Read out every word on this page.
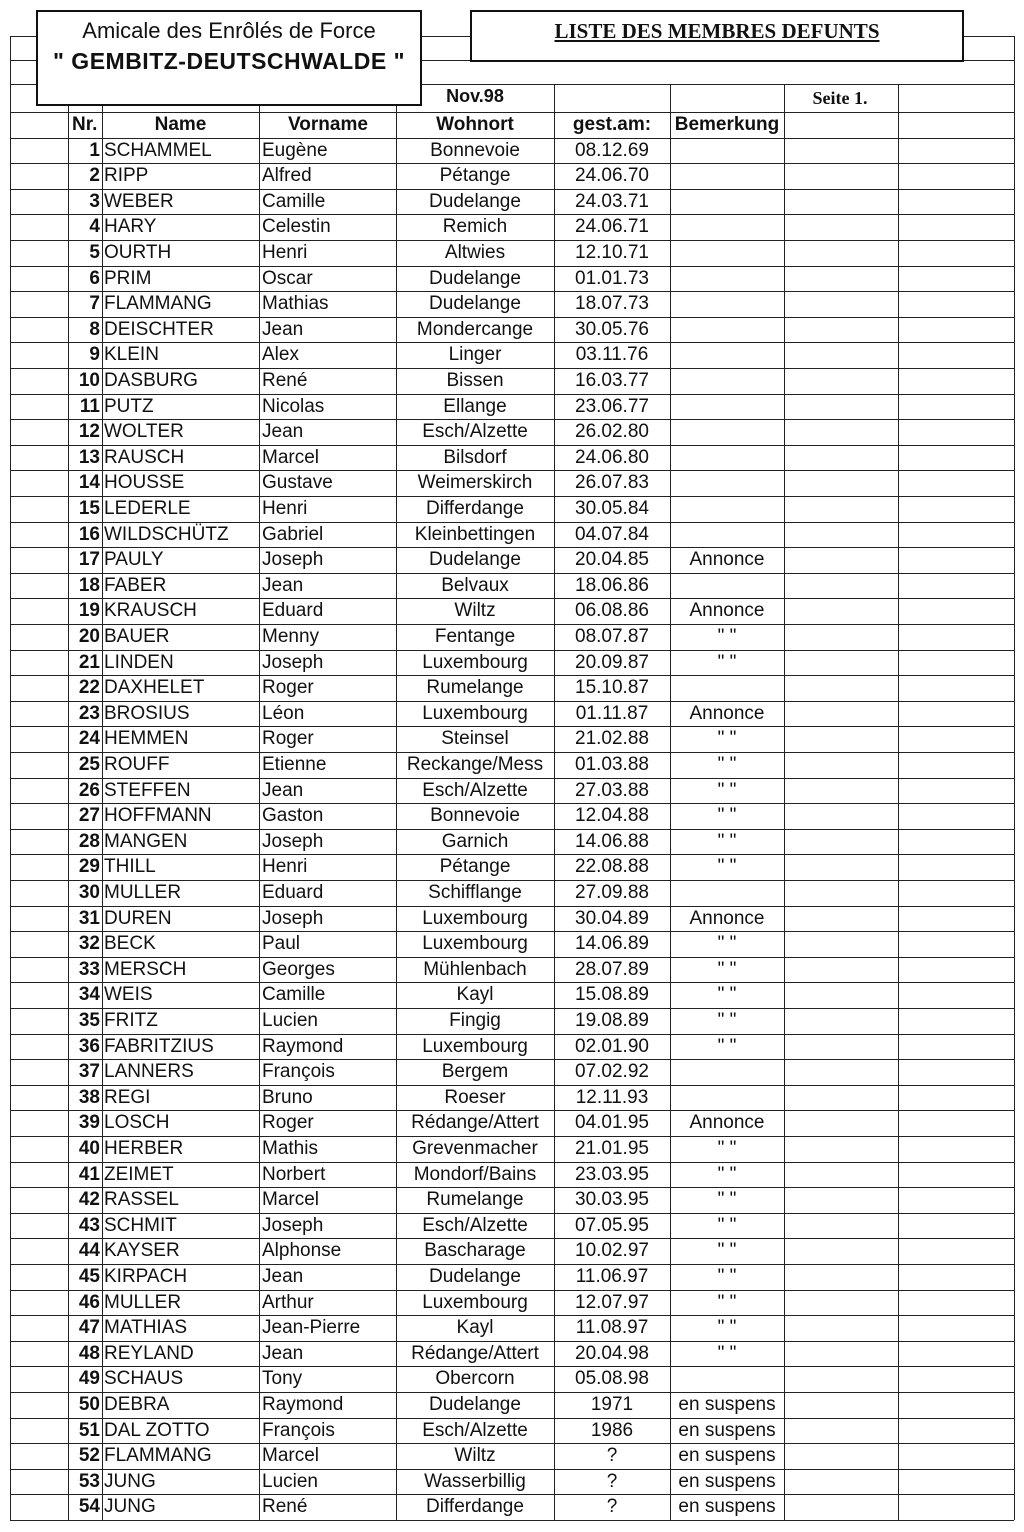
Amicale des Enrôlés de Force
" GEMBITZ-DEUTSCHWALDE "
LISTE DES MEMBRES DEFUNTS
Nov.98	Seite 1.
Nr.	Name	Vorname	Wohnort	gest.am:	Bemerkung
1 SCHAMMEL	Eugène	Bonnevoie	08.12.69
2 RIPP	Alfred	Pétange	24.06.70
3 WEBER	Camille	Dudelange	24.03.71
4 HARY	Celestin	Remich	24.06.71
5 OURTH	Henri	Altwies	12.10.71
6 PRIM	Oscar	Dudelange	01.01.73
7 FLAMMANG	Mathias	Dudelange	18.07.73
8 DEISCHTER	Jean	Mondercange	30.05.76
9 KLEIN	Alex	Linger	03.11.76
10 DASBURG	René	Bissen	16.03.77
11 PUTZ	Nicolas	Ellange	23.06.77
12 WOLTER	Jean	Esch/Alzette	26.02.80
13 RAUSCH	Marcel	Bilsdorf	24.06.80
14 HOUSSE	Gustave	Weimerskirch	26.07.83
15 LEDERLE	Henri	Differdange	30.05.84
16 WILDSCHÜTZ	Gabriel	Kleinbettingen	04.07.84
17 PAULY	Joseph	Dudelange	20.04.85	Annonce
18 FABER	Jean	Belvaux	18.06.86
19 KRAUSCH	Eduard	Wiltz	06.08.86	Annonce
20 BAUER	Menny	Fentange	08.07.87	" "
21 LINDEN	Joseph	Luxembourg	20.09.87	" "
22 DAXHELET	Roger	Rumelange	15.10.87
23 BROSIUS	Léon	Luxembourg	01.11.87	Annonce
24 HEMMEN	Roger	Steinsel	21.02.88	" "
25 ROUFF	Etienne	Reckange/Mess	01.03.88	" "
26 STEFFEN	Jean	Esch/Alzette	27.03.88	" "
27 HOFFMANN	Gaston	Bonnevoie	12.04.88	" "
28 MANGEN	Joseph	Garnich	14.06.88	" "
29 THILL	Henri	Pétange	22.08.88	" "
30 MULLER	Eduard	Schifflange	27.09.88
31 DUREN	Joseph	Luxembourg	30.04.89	Annonce
32 BECK	Paul	Luxembourg	14.06.89	" "
33 MERSCH	Georges	Mühlenbach	28.07.89	" "
34 WEIS	Camille	Kayl	15.08.89	" "
35 FRITZ	Lucien	Fingig	19.08.89	" "
36 FABRITZIUS	Raymond	Luxembourg	02.01.90	" "
37 LANNERS	François	Bergem	07.02.92
38 REGI	Bruno	Roeser	12.11.93
39 LOSCH	Roger	Rédange/Attert	04.01.95	Annonce
40 HERBER	Mathis	Grevenmacher	21.01.95	" "
41 ZEIMET	Norbert	Mondorf/Bains	23.03.95	" "
42 RASSEL	Marcel	Rumelange	30.03.95	" "
43 SCHMIT	Joseph	Esch/Alzette	07.05.95	" "
44 KAYSER	Alphonse	Bascharage	10.02.97	" "
45 KIRPACH	Jean	Dudelange	11.06.97	" "
46 MULLER	Arthur	Luxembourg	12.07.97	" "
47 MATHIAS	Jean-Pierre	Kayl	11.08.97	" "
48 REYLAND	Jean	Rédange/Attert	20.04.98	" "
49 SCHAUS	Tony	Obercorn	05.08.98
50 DEBRA	Raymond	Dudelange	1971	en suspens
51 DAL ZOTTO	François	Esch/Alzette	1986	en suspens
52 FLAMMANG	Marcel	Wiltz	?	en suspens
53 JUNG	Lucien	Wasserbillig	?	en suspens
54 JUNG	René	Differdange	?	en suspens
